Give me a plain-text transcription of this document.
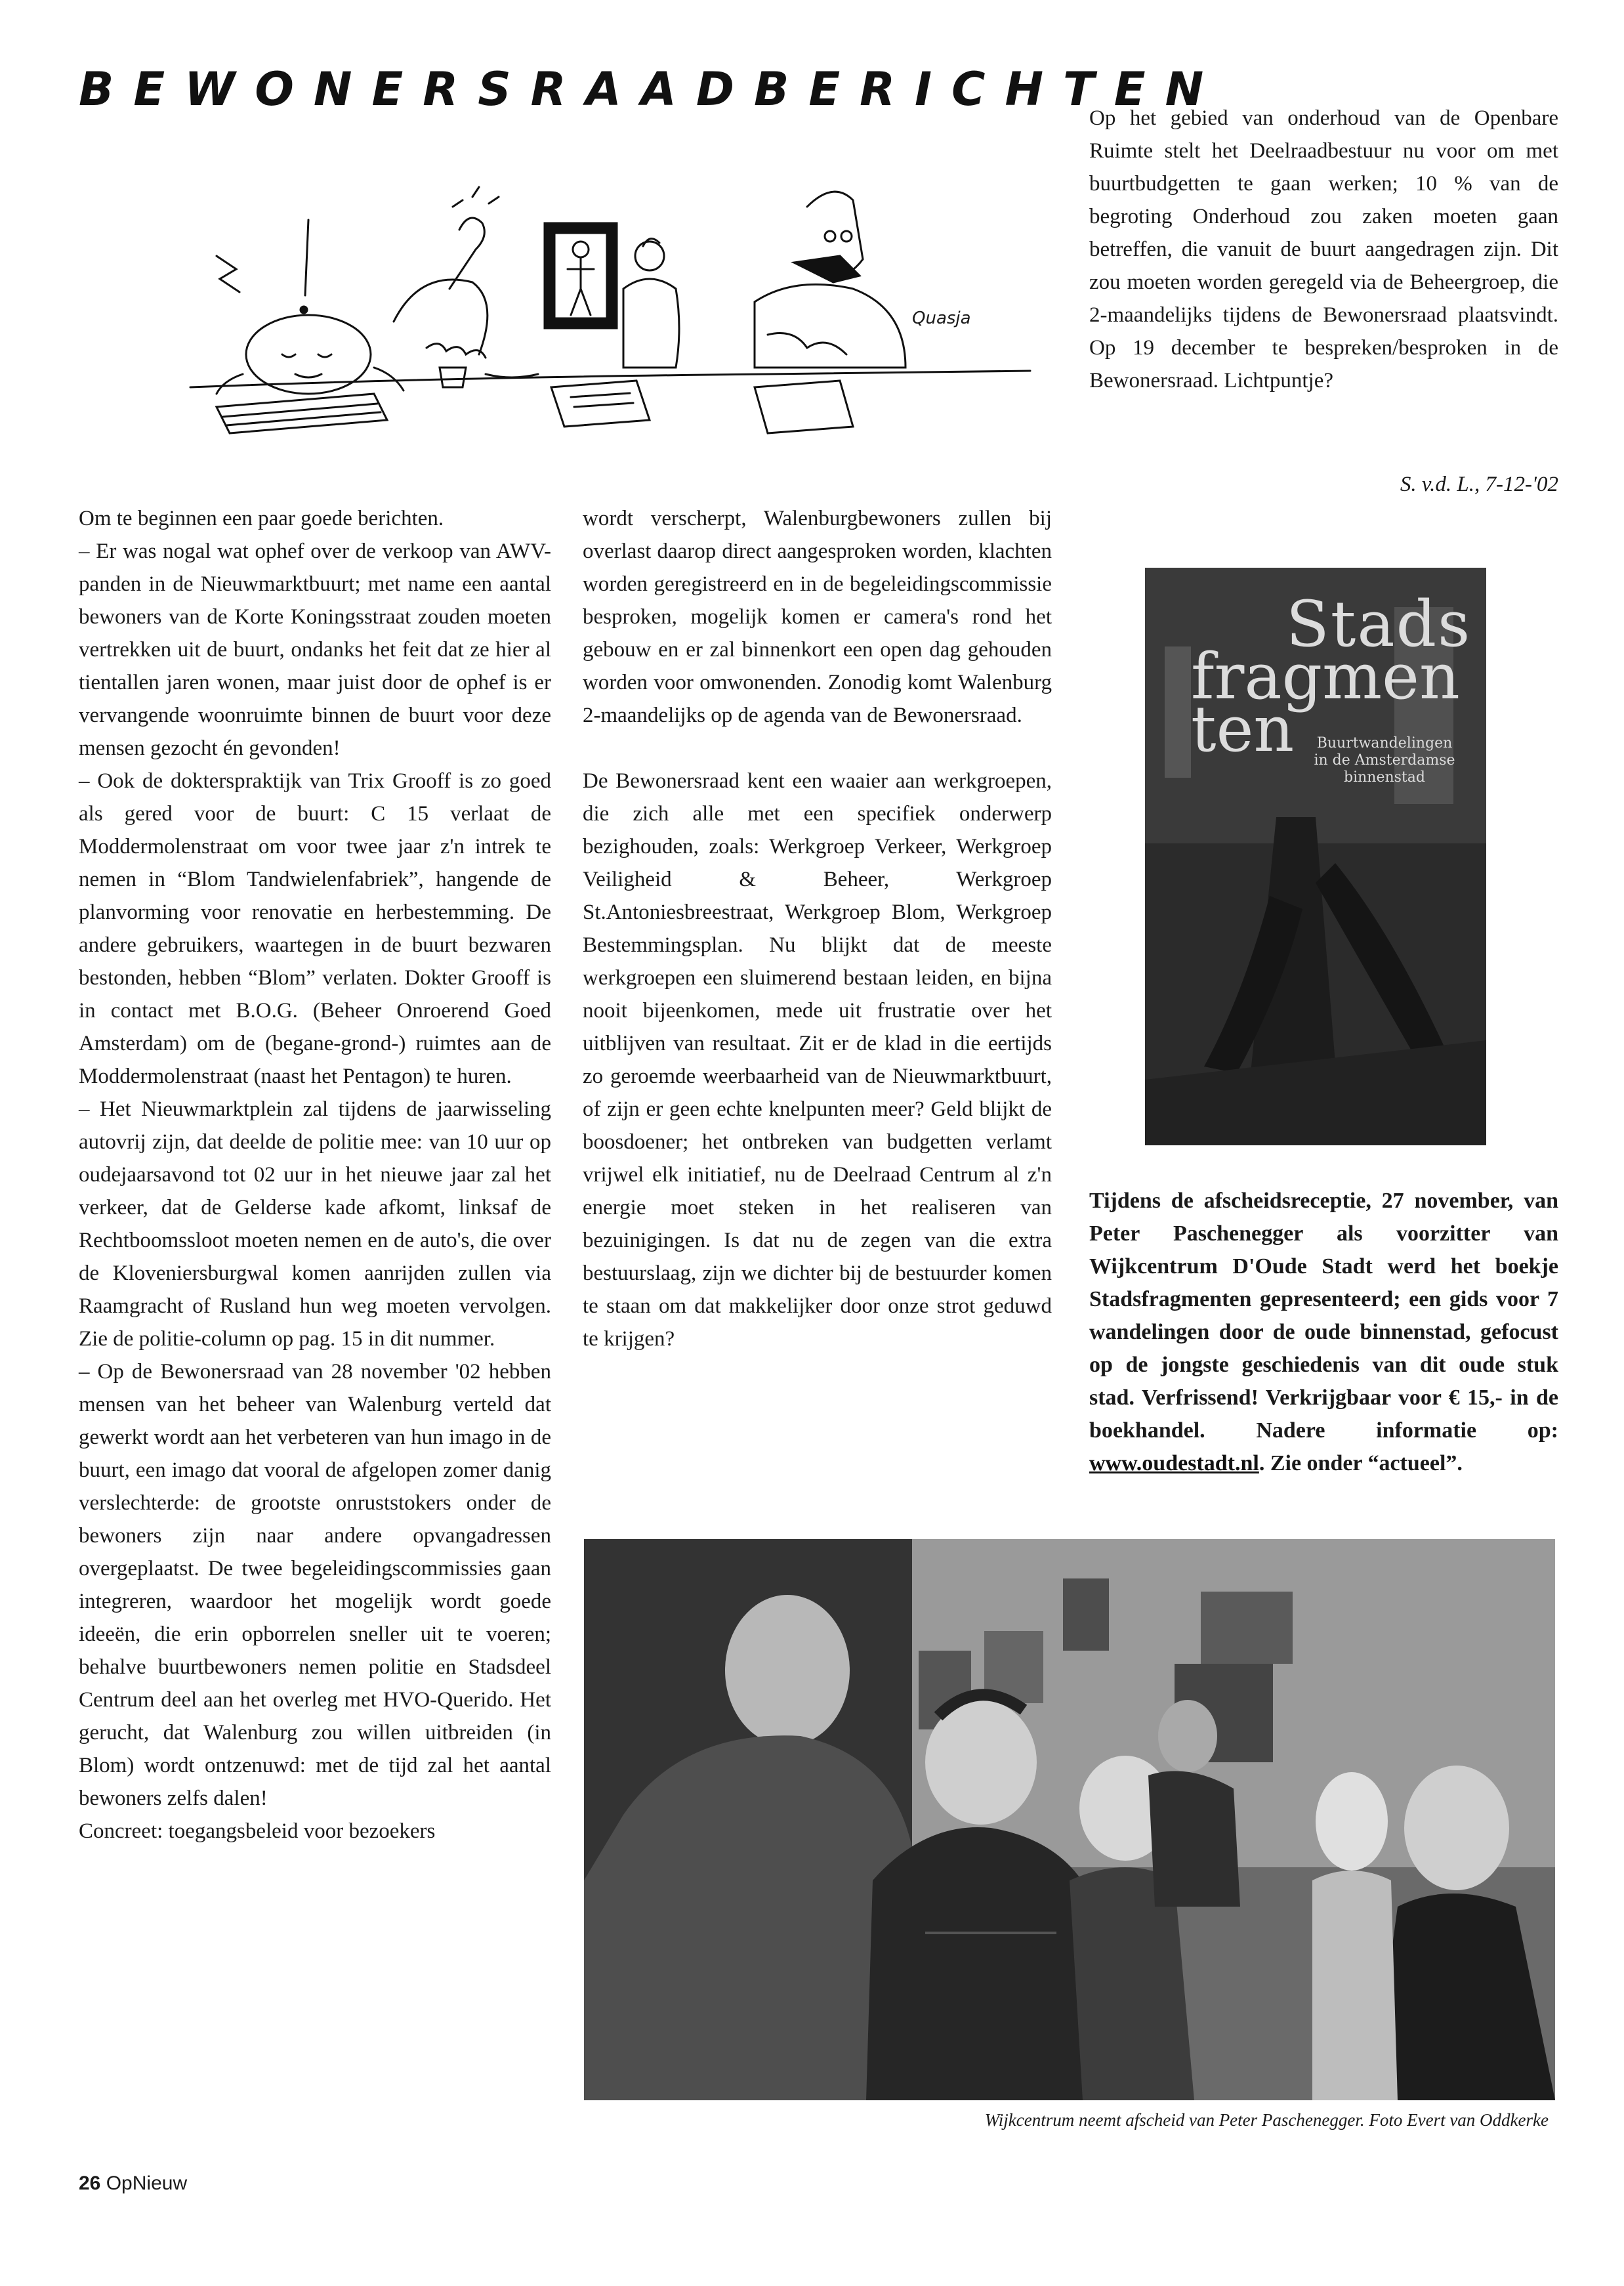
BEWONERSRAADBERICHTEN
Quasja

Om te beginnen een paar goede berichten.

– Er was nogal wat ophef over de verkoop van AWV-panden in de Nieuwmarktbuurt; met name een aantal bewoners van de Korte Koningsstraat zouden moeten vertrekken uit de buurt, ondanks het feit dat ze hier al tientallen jaren wonen, maar juist door de ophef is er vervangende woonruimte binnen de buurt voor deze mensen gezocht én gevonden!

– Ook de dokterspraktijk van Trix Grooff is zo goed als gered voor de buurt: C 15 verlaat de Moddermolenstraat om voor twee jaar z'n intrek te nemen in “Blom Tandwielenfabriek”, hangende de planvorming voor renovatie en herbestemming. De andere gebruikers, waartegen in de buurt bezwaren bestonden, hebben “Blom” verlaten. Dokter Grooff is in contact met B.O.G. (Beheer Onroerend Goed Amsterdam) om de (begane-grond-) ruimtes aan de Moddermolenstraat (naast het Pentagon) te huren.

– Het Nieuwmarktplein zal tijdens de jaarwisseling autovrij zijn, dat deelde de politie mee: van 10 uur op oudejaarsavond tot 02 uur in het nieuwe jaar zal het verkeer, dat de Gelderse kade afkomt, linksaf de Rechtboomssloot moeten nemen en de auto's, die over de Kloveniersburgwal komen aanrijden zullen via Raamgracht of Rusland hun weg moeten vervolgen. Zie de politie-column op pag. 15 in dit nummer.

– Op de Bewonersraad van 28 november '02 hebben mensen van het beheer van Walenburg verteld dat gewerkt wordt aan het verbeteren van hun imago in de buurt, een imago dat vooral de afgelopen zomer danig verslechterde: de grootste onruststokers onder de bewoners zijn naar andere opvangadressen overgeplaatst. De twee begeleidingscommissies gaan integreren, waardoor het mogelijk wordt goede ideeën, die erin opborrelen sneller uit te voeren; behalve buurtbewoners nemen politie en Stadsdeel Centrum deel aan het overleg met HVO-Querido. Het gerucht, dat Walenburg zou willen uitbreiden (in Blom) wordt ontzenuwd: met de tijd zal het aantal bewoners zelfs dalen!

Concreet: toegangsbeleid voor bezoekers

wordt verscherpt, Walenburgbewoners zullen bij overlast daarop direct aangesproken worden, klachten worden geregistreerd en in de begeleidingscommissie besproken, mogelijk komen er camera's rond het gebouw en er zal binnenkort een open dag gehouden worden voor omwonenden. Zonodig komt Walenburg 2-maandelijks op de agenda van de Bewonersraad.

De Bewonersraad kent een waaier aan werkgroepen, die zich alle met een specifiek onderwerp bezighouden, zoals: Werkgroep Verkeer, Werkgroep Veiligheid & Beheer, Werkgroep St.Antoniesbreestraat, Werkgroep Blom, Werkgroep Bestemmingsplan. Nu blijkt dat de meeste werkgroepen een sluimerend bestaan leiden, en bijna nooit bijeenkomen, mede uit frustratie over het uitblijven van resultaat. Zit er de klad in die eertijds zo geroemde weerbaarheid van de Nieuwmarktbuurt, of zijn er geen echte knelpunten meer? Geld blijkt de boosdoener; het ontbreken van budgetten verlamt vrijwel elk initiatief, nu de Deelraad Centrum al z'n energie moet steken in het realiseren van bezuinigingen. Is dat nu de zegen van die extra bestuurslaag, zijn we dichter bij de bestuurder komen te staan om dat makkelijker door onze strot geduwd te krijgen?

Op het gebied van onderhoud van de Openbare Ruimte stelt het Deelraadbestuur nu voor om met buurtbudgetten te gaan werken; 10 % van de begroting Onderhoud zou zaken moeten gaan betreffen, die vanuit de buurt aangedragen zijn. Dit zou moeten worden geregeld via de Beheergroep, die 2-maandelijks tijdens de Bewonersraad plaatsvindt. Op 19 december te bespreken/besproken in de Bewonersraad. Lichtpuntje?

S. v.d. L., 7-12-'02
Stads
fragmen
ten	Buurtwandelingen
in de Amsterdamse
binnenstad
Tijdens de afscheidsreceptie, 27 november, van Peter Paschenegger als voorzitter van Wijkcentrum D'Oude Stadt werd het boekje Stadsfragmenten gepresenteerd; een gids voor 7 wandelingen door de oude binnenstad, gefocust op de jongste geschiedenis van dit oude stuk stad. Verfrissend! Verkrijgbaar voor € 15,- in de boekhandel. Nadere informatie op: www.oudestadt.nl. Zie onder “actueel”.
Wijkcentrum neemt afscheid van Peter Paschenegger. Foto Evert van Oddkerke
26 OpNieuw
